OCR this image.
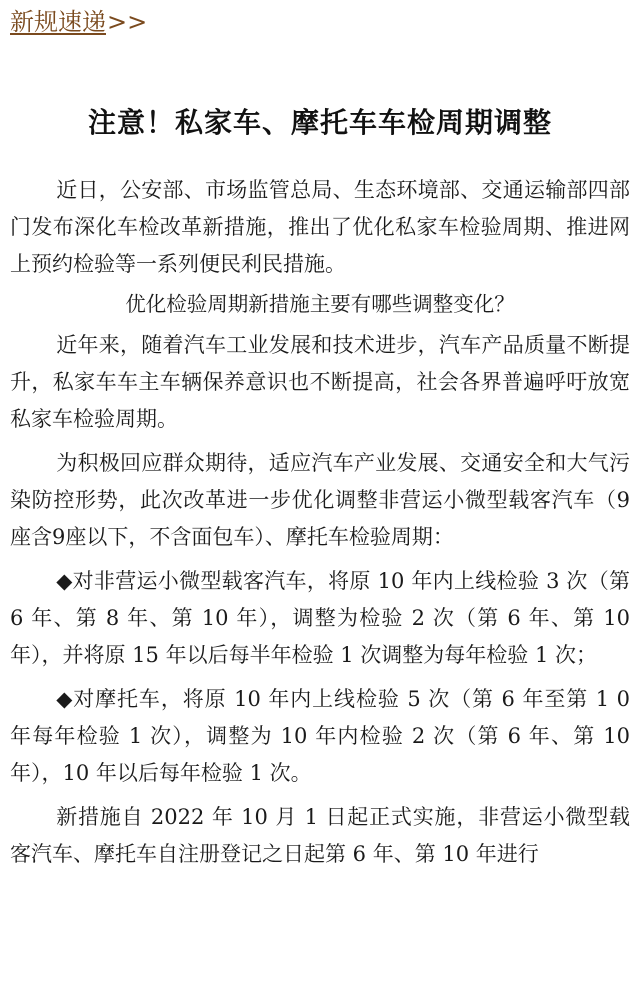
新规速递>>
注意！私家车、摩托车车检周期调整

近日，公安部、市场监管总局、生态环境部、交通运输部四部门发布深化车检改革新措施，推出了优化私家车检验周期、推进网上预约检验等一系列便民利民措施。

优化检验周期新措施主要有哪些调整变化？

近年来，随着汽车工业发展和技术进步，汽车产品质量不断提升，私家车车主车辆保养意识也不断提高，社会各界普遍呼吁放宽私家车检验周期。

为积极回应群众期待，适应汽车产业发展、交通安全和大气污染防控形势，此次改革进一步优化调整非营运小微型载客汽车（9座含9座以下，不含面包车）、摩托车检验周期：

◆对非营运小微型载客汽车，将原 10 年内上线检验 3 次（第 6 年、第 8 年、第 10 年），调整为检验 2 次（第 6 年、第 10 年），并将原 15 年以后每半年检验 1 次调整为每年检验 1 次；

◆对摩托车，将原 10 年内上线检验 5 次（第 6 年至第 1 0 年每年检验 1 次），调整为 10 年内检验 2 次（第 6 年、第 10 年），10 年以后每年检验 1 次。

新措施自 2022 年 10 月 1 日起正式实施，非营运小微型载客汽车、摩托车自注册登记之日起第 6 年、第 10 年进行
